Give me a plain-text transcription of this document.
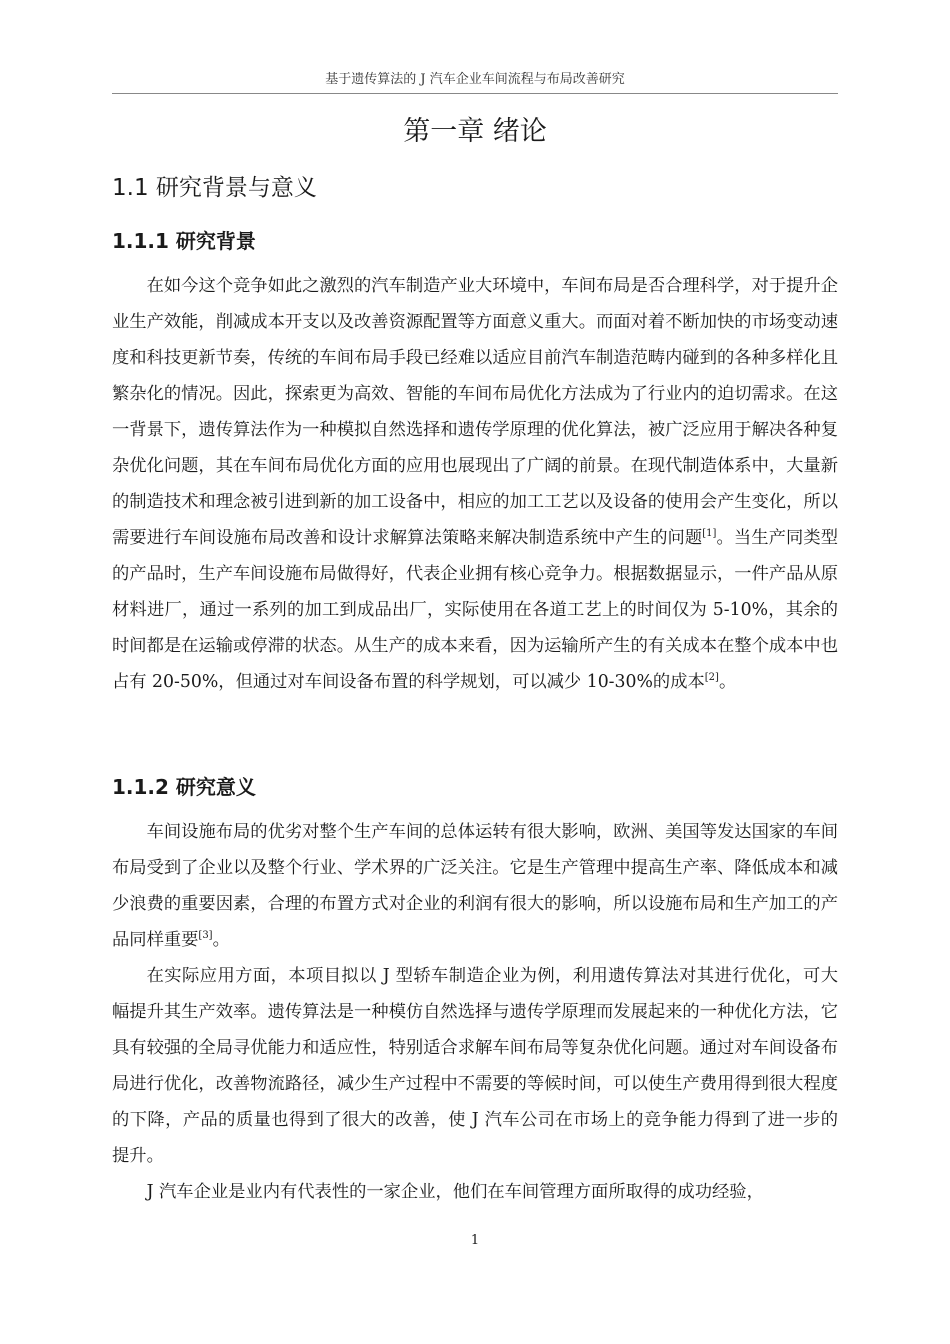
基于遗传算法的 J 汽车企业车间流程与布局改善研究
第一章 绪论
1.1 研究背景与意义
1.1.1 研究背景

在如今这个竞争如此之激烈的汽车制造产业大环境中，车间布局是否合理科学，对于提升企业生产效能，削减成本开支以及改善资源配置等方面意义重大。而面对着不断加快的市场变动速度和科技更新节奏，传统的车间布局手段已经难以适应目前汽车制造范畴内碰到的各种多样化且繁杂化的情况。因此，探索更为高效、智能的车间布局优化方法成为了行业内的迫切需求。在这一背景下，遗传算法作为一种模拟自然选择和遗传学原理的优化算法，被广泛应用于解决各种复杂优化问题，其在车间布局优化方面的应用也展现出了广阔的前景。在现代制造体系中，大量新的制造技术和理念被引进到新的加工设备中，相应的加工工艺以及设备的使用会产生变化，所以需要进行车间设施布局改善和设计求解算法策略来解决制造系统中产生的问题[1]。当生产同类型的产品时，生产车间设施布局做得好，代表企业拥有核心竞争力。根据数据显示，一件产品从原材料进厂，通过一系列的加工到成品出厂，实际使用在各道工艺上的时间仅为 5-10%，其余的时间都是在运输或停滞的状态。从生产的成本来看，因为运输所产生的有关成本在整个成本中也占有 20-50%，但通过对车间设备布置的科学规划，可以减少 10-30%的成本[2]。

1.1.2 研究意义

车间设施布局的优劣对整个生产车间的总体运转有很大影响，欧洲、美国等发达国家的车间布局受到了企业以及整个行业、学术界的广泛关注。它是生产管理中提高生产率、降低成本和减少浪费的重要因素，合理的布置方式对企业的利润有很大的影响，所以设施布局和生产加工的产品同样重要[3]。

在实际应用方面，本项目拟以 J 型轿车制造企业为例，利用遗传算法对其进行优化，可大幅提升其生产效率。遗传算法是一种模仿自然选择与遗传学原理而发展起来的一种优化方法，它具有较强的全局寻优能力和适应性，特别适合求解车间布局等复杂优化问题。通过对车间设备布局进行优化，改善物流路径，减少生产过程中不需要的等候时间，可以使生产费用得到很大程度的下降，产品的质量也得到了很大的改善，使 J 汽车公司在市场上的竞争能力得到了进一步的提升。

J 汽车企业是业内有代表性的一家企业，他们在车间管理方面所取得的成功经验，

1
